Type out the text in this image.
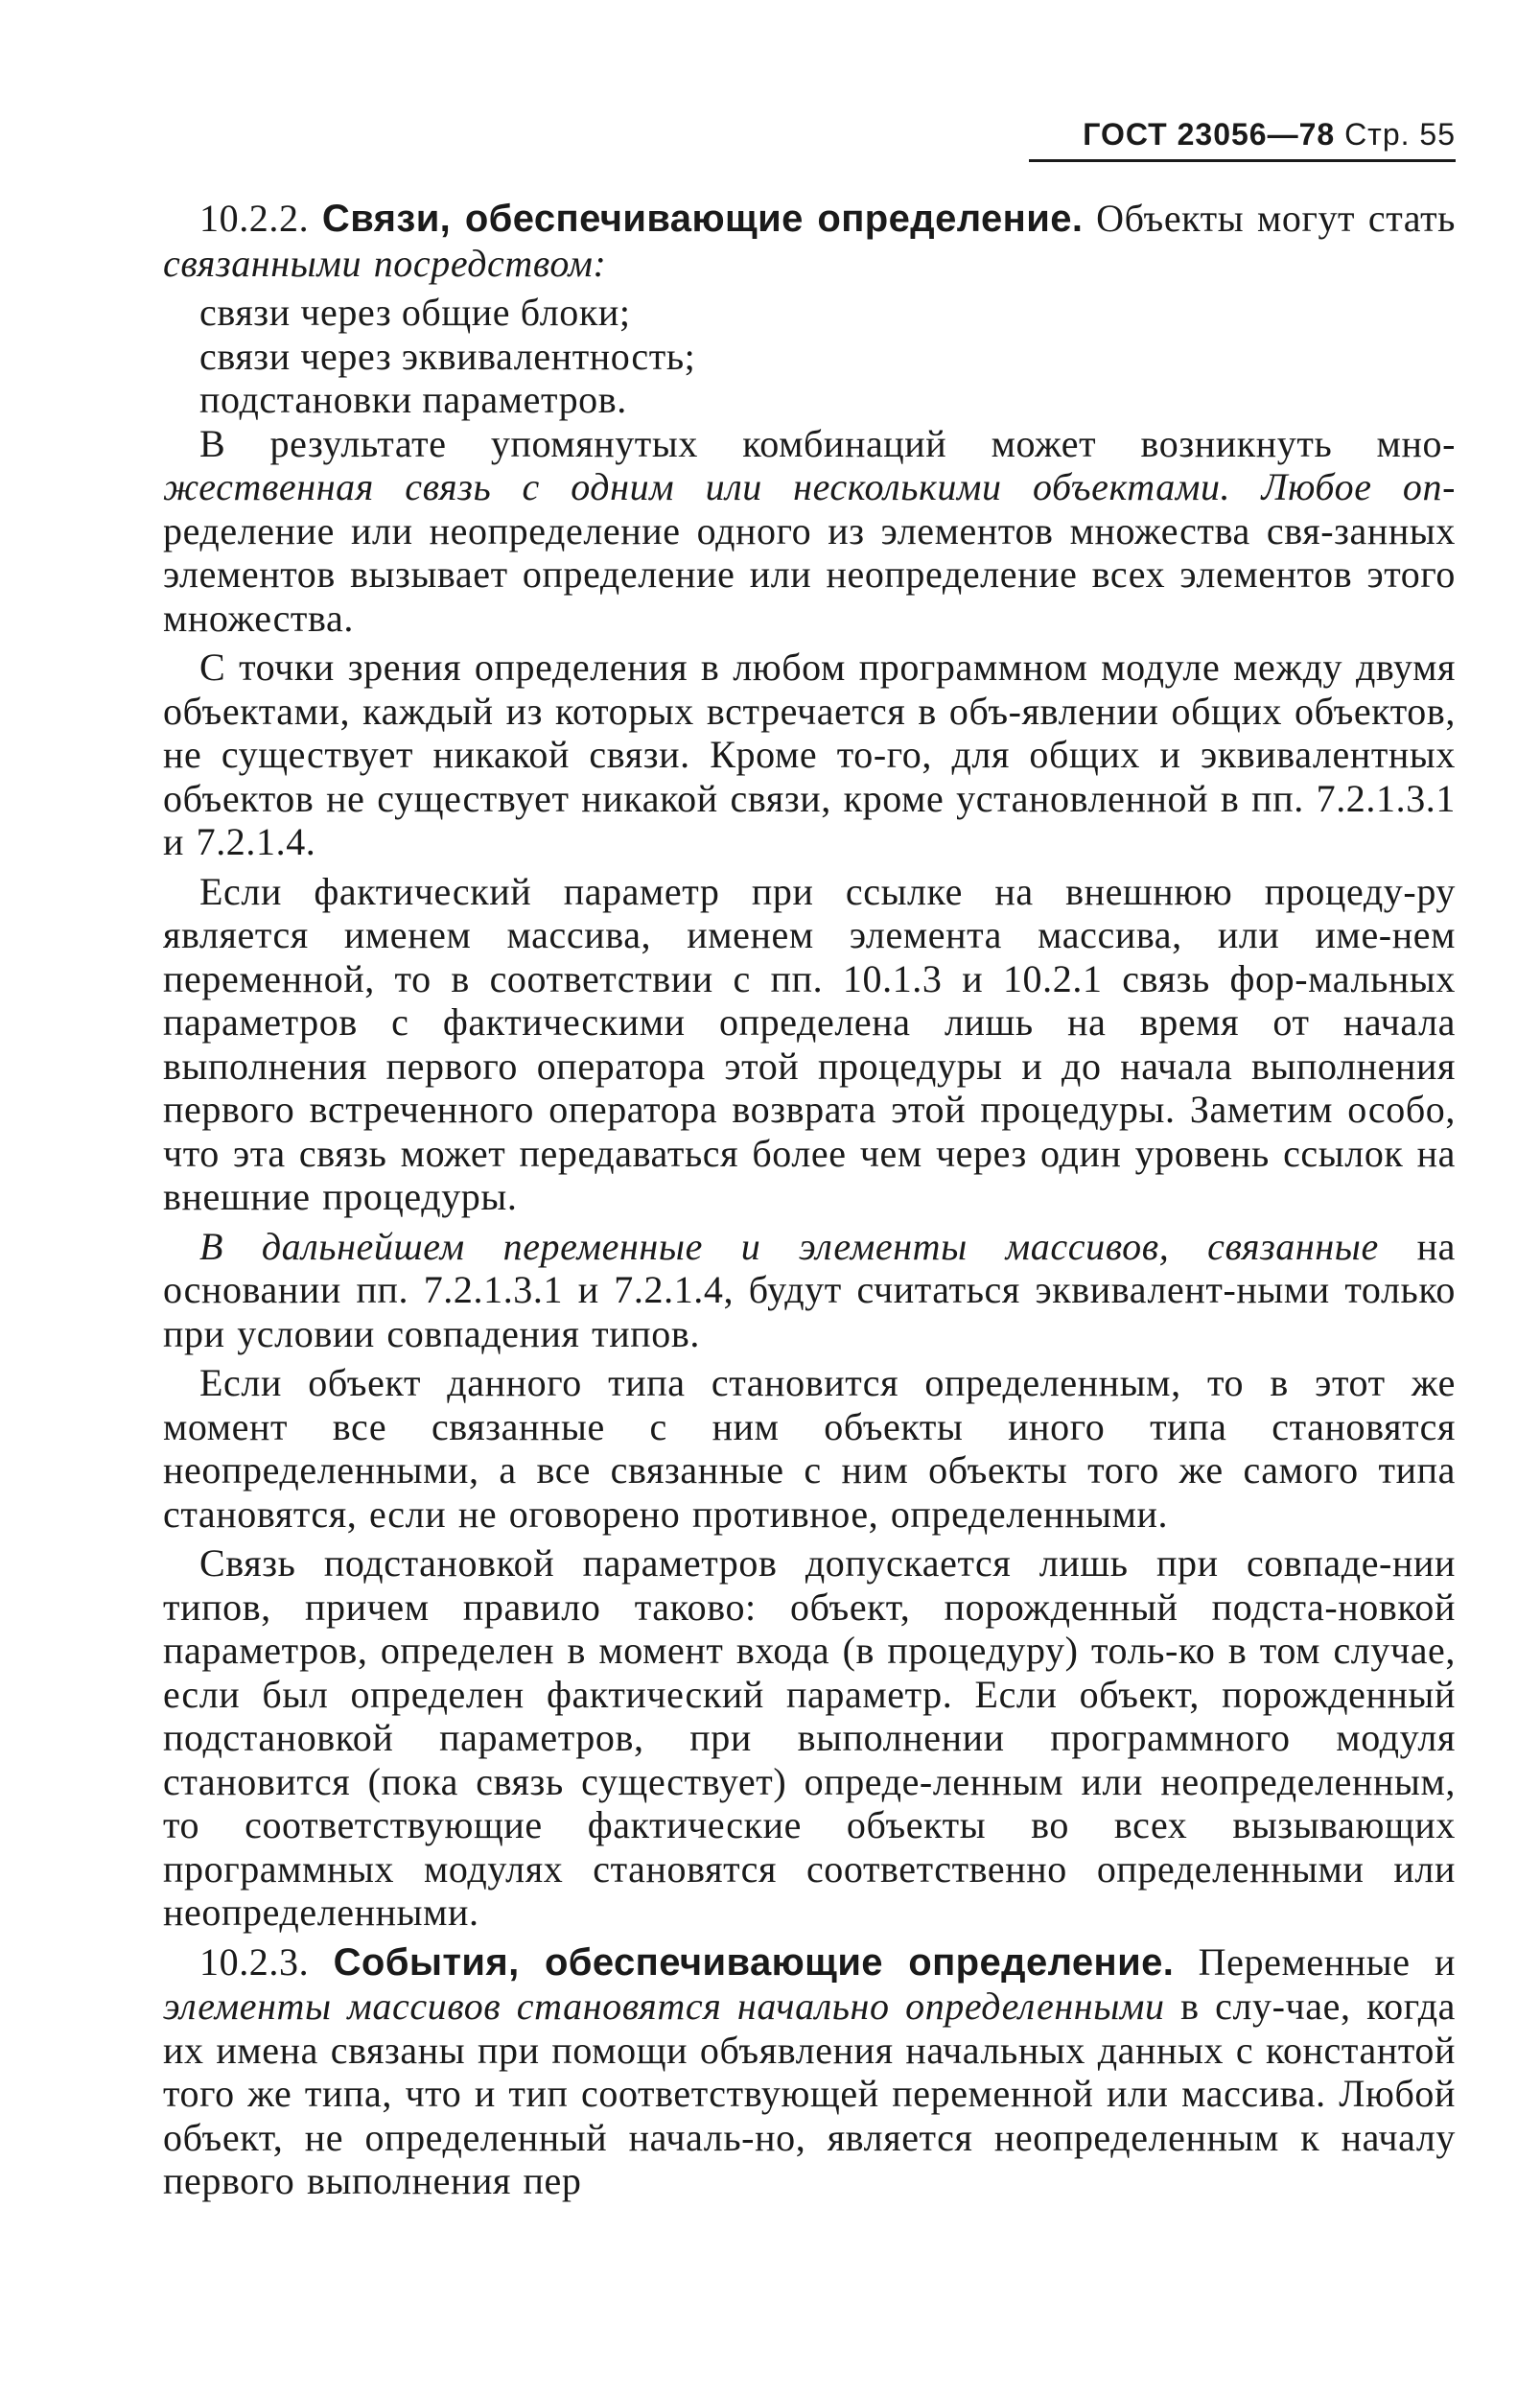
ГОСТ 23056—78 Стр. 55

10.2.2. Связи, обеспечивающие определение. Объекты могут стать связанными посредством:

связи через общие блоки;
связи через эквивалентность;
подстановки параметров.

В результате упомянутых комбинаций может возникнуть мно- жественная связь с одним или несколькими объектами. Любое оп- ределение или неопределение одного из элементов множества свя-занных элементов вызывает определение или неопределение всех элементов этого множества.

С точки зрения определения в любом программном модуле между двумя объектами, каждый из которых встречается в объ-явлении общих объектов, не существует никакой связи. Кроме то-го, для общих и эквивалентных объектов не существует никакой связи, кроме установленной в пп. 7.2.1.3.1 и 7.2.1.4.

Если фактический параметр при ссылке на внешнюю процеду-ру является именем массива, именем элемента массива, или име-нем переменной, то в соответствии с пп. 10.1.3 и 10.2.1 связь фор-мальных параметров с фактическими определена лишь на время от начала выполнения первого оператора этой процедуры и до начала выполнения первого встреченного оператора возврата этой процедуры. Заметим особо, что эта связь может передаваться более чем через один уровень ссылок на внешние процедуры.

В дальнейшем переменные и элементы массивов, связанные на основании пп. 7.2.1.3.1 и 7.2.1.4, будут считаться эквивалент-ными только при условии совпадения типов.

Если объект данного типа становится определенным, то в этот же момент все связанные с ним объекты иного типа становятся неопределенными, а все связанные с ним объекты того же самого типа становятся, если не оговорено противное, определенными.

Связь подстановкой параметров допускается лишь при совпаде-нии типов, причем правило таково: объект, порожденный подста-новкой параметров, определен в момент входа (в процедуру) толь-ко в том случае, если был определен фактический параметр. Если объект, порожденный подстановкой параметров, при выполнении программного модуля становится (пока связь существует) опреде-ленным или неопределенным, то соответствующие фактические объекты во всех вызывающих программных модулях становятся соответственно определенными или неопределенными.

10.2.3. События, обеспечивающие определение. Переменные и элементы массивов становятся начально определенными в слу-чае, когда их имена связаны при помощи объявления начальных данных с константой того же типа, что и тип соответствующей переменной или массива. Любой объект, не определенный началь-но, является неопределенным к началу первого выполнения пер
